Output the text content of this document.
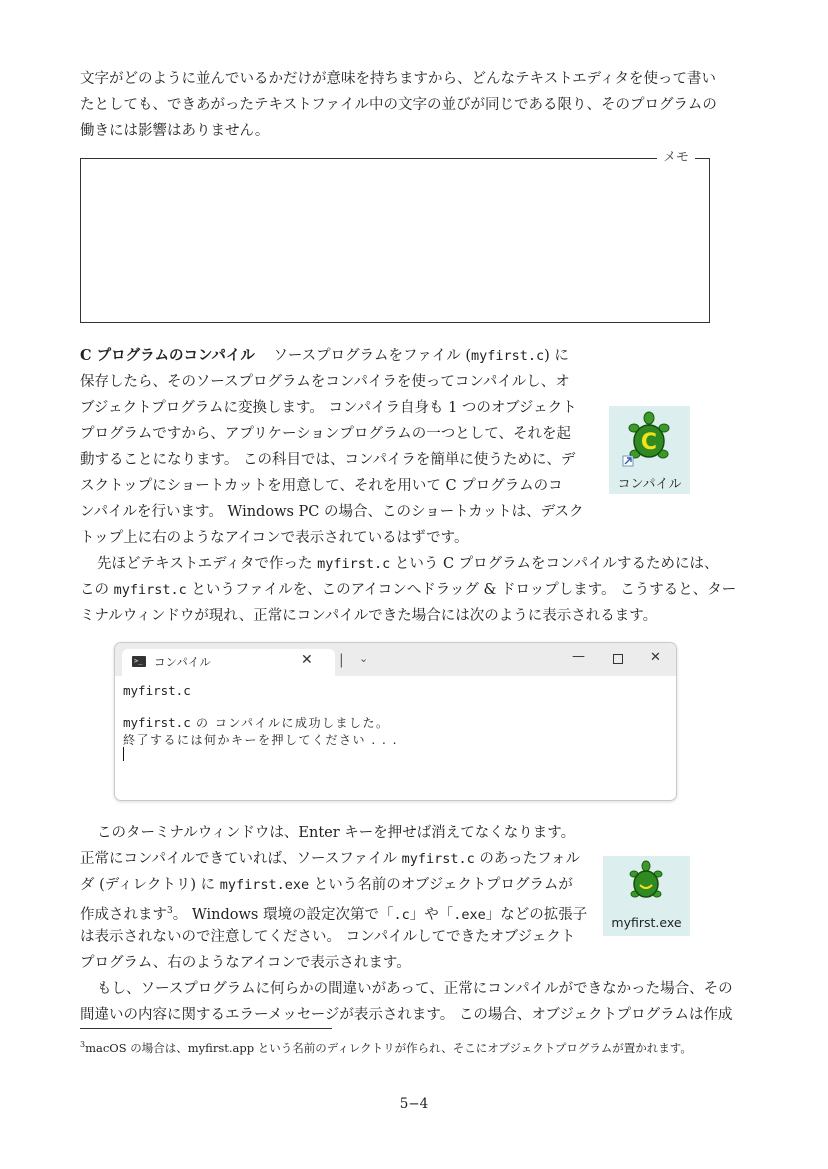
文字がどのように並んでいるかだけが意味を持ちますから、どんなテキストエディタを使って書い

たとしても、できあがったテキストファイル中の文字の並びが同じである限り、そのプログラムの

働きには影響はありません。

メモ

C プログラムのコンパイル ソースプログラムをファイル (myfirst.c) に

保存したら、そのソースプログラムをコンパイラを使ってコンパイルし、オ

ブジェクトプログラムに変換します。 コンパイラ自身も 1 つのオブジェクト

プログラムですから、アプリケーションプログラムの一つとして、それを起

動することになります。 この科目では、コンパイラを簡単に使うために、デ

スクトップにショートカットを用意して、それを用いて C プログラムのコ

ンパイルを行います。 Windows PC の場合、このショートカットは、デスク

トップ上に右のようなアイコンで表示されているはずです。

C
コンパイル

先ほどテキストエディタで作った myfirst.c という C プログラムをコンパイルするためには、

この myfirst.c というファイルを、このアイコンへドラッグ & ドロップします。 こうすると、ター

ミナルウィンドウが現れ、正常にコンパイルできた場合には次のように表示されるます。

>_ コンパイル	✕ | ⌄	—	✕
myfirst.c
myfirst.c の コンパイルに成功しました。
終了するには何かキーを押してください . . .

このターミナルウィンドウは、Enter キーを押せば消えてなくなります。

正常にコンパイルできていれば、ソースファイル myfirst.c のあったフォル

ダ (ディレクトリ) に myfirst.exe という名前のオブジェクトプログラムが

作成されます$^3$。 Windows 環境の設定次第で「.c」や「.exe」などの拡張子

は表示されないので注意してください。 コンパイルしてできたオブジェクト

プログラム、右のようなアイコンで表示されます。

myfirst.exe

もし、ソースプログラムに何らかの間違いがあって、正常にコンパイルができなかった場合、その

間違いの内容に関するエラーメッセージが表示されます。 この場合、オブジェクトプログラムは作成

$^3$macOS の場合は、myfirst.app という名前のディレクトリが作られ、そこにオブジェクトプログラムが置かれます。
5−4
